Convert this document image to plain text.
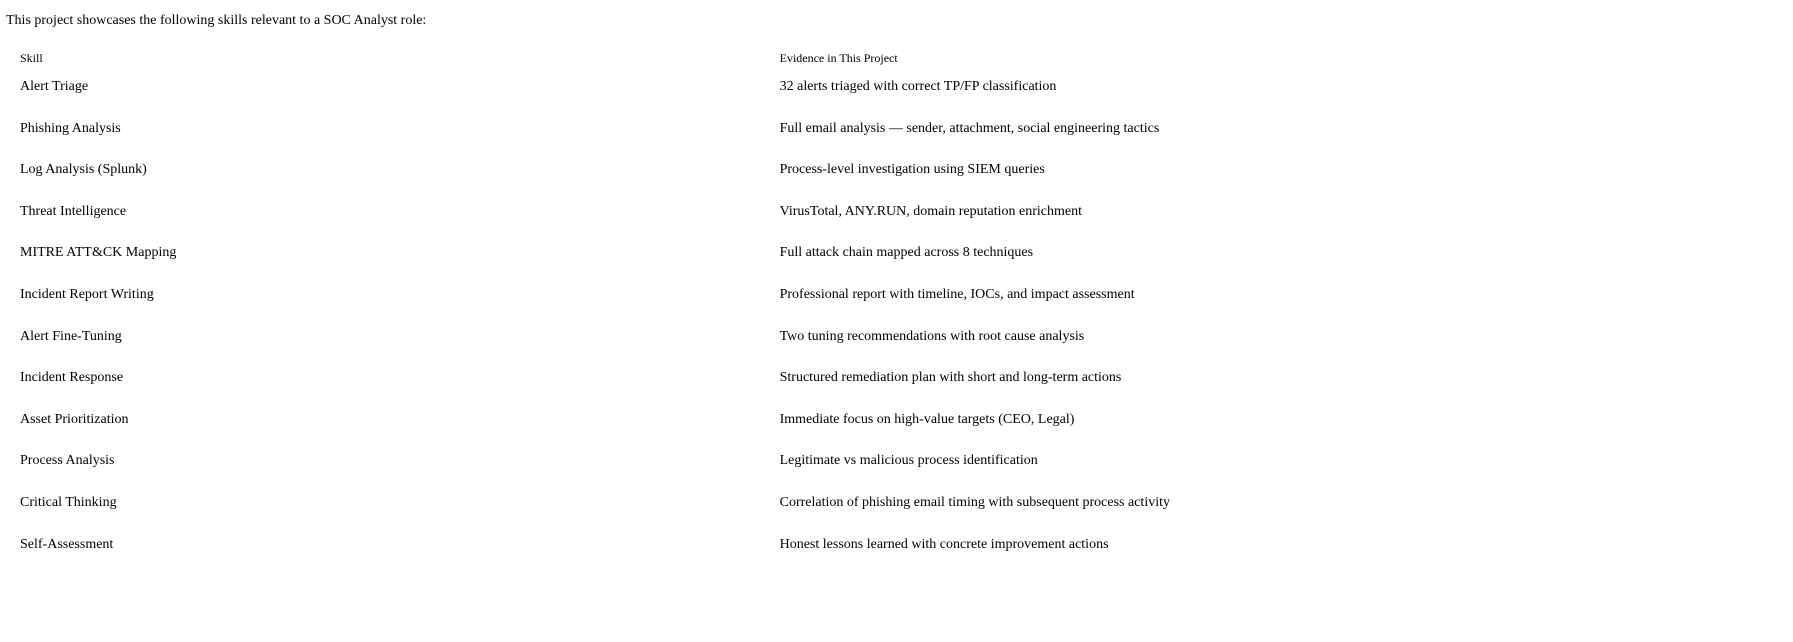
This project showcases the following skills relevant to a SOC Analyst role:
Skill	Evidence in This Project
Alert Triage	32 alerts triaged with correct TP/FP classification
Phishing Analysis	Full email analysis — sender, attachment, social engineering tactics
Log Analysis (Splunk)	Process-level investigation using SIEM queries
Threat Intelligence	VirusTotal, ANY.RUN, domain reputation enrichment
MITRE ATT&CK Mapping	Full attack chain mapped across 8 techniques
Incident Report Writing	Professional report with timeline, IOCs, and impact assessment
Alert Fine-Tuning	Two tuning recommendations with root cause analysis
Incident Response	Structured remediation plan with short and long-term actions
Asset Prioritization	Immediate focus on high-value targets (CEO, Legal)
Process Analysis	Legitimate vs malicious process identification
Critical Thinking	Correlation of phishing email timing with subsequent process activity
Self-Assessment	Honest lessons learned with concrete improvement actions
